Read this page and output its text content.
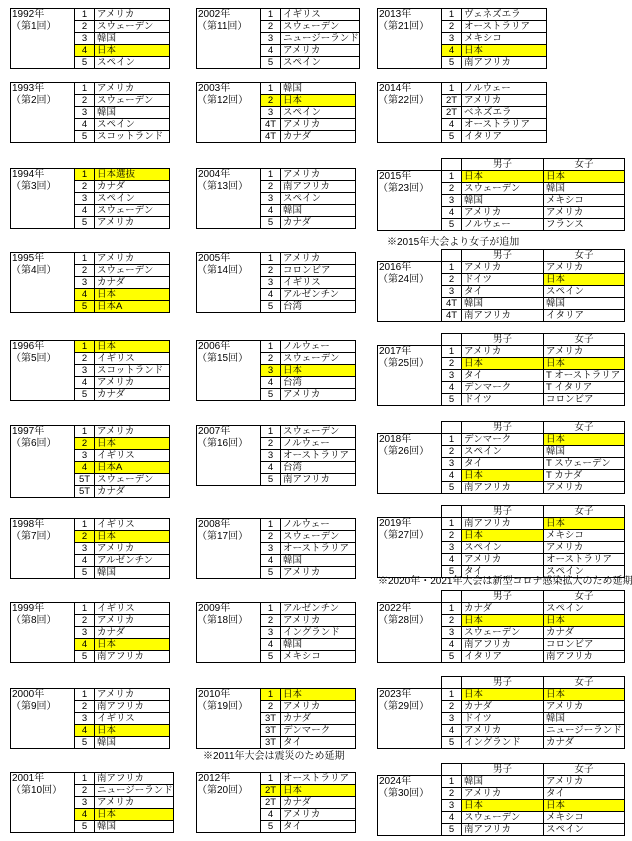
※2011年大会は震災のため延期
※2015年大会より女子が追加
※2020年・2021年大会は新型コロナ感染拡大のため延期
1992年
（第1回）	1	アメリカ
	2	スウェーデン
	3	韓国
	4	日本
	5	スペイン
1993年
（第2回）	1	アメリカ
	2	スウェーデン
	3	韓国
	4	スペイン
	5	スコットランド
1994年
（第3回）	1	日本選抜
	2	カナダ
	3	スペイン
	4	スウェーデン
	5	アメリカ
1995年
（第4回）	1	アメリカ
	2	スウェーデン
	3	カナダ
	4	日本
	5	日本A
1996年
（第5回）	1	日本
	2	イギリス
	3	スコットランド
	4	アメリカ
	5	カナダ
1997年
（第6回）	1	アメリカ
	2	日本
	3	イギリス
	4	日本A
	5T	スウェーデン
	5T	カナダ
1998年
（第7回）	1	イギリス
	2	日本
	3	アメリカ
	4	アルゼンチン
	5	韓国
1999年
（第8回）	1	イギリス
	2	アメリカ
	3	カナダ
	4	日本
	5	南アフリカ
2000年
（第9回）	1	アメリカ
	2	南アフリカ
	3	イギリス
	4	日本
	5	韓国
2001年
（第10回）	1	南アフリカ
	2	ニュージーランド
	3	アメリカ
	4	日本
	5	韓国
2002年
（第11回）	1	イギリス
	2	スウェーデン
	3	ニュージーランド
	4	アメリカ
	5	スペイン
2003年
（第12回）	1	韓国
	2	日本
	3	スペイン
	4T	アメリカ
	4T	カナダ
2004年
（第13回）	1	アメリカ
	2	南アフリカ
	3	スペイン
	4	韓国
	5	カナダ
2005年
（第14回）	1	アメリカ
	2	コロンビア
	3	イギリス
	4	アルゼンチン
	5	台湾
2006年
（第15回）	1	ノルウェー
	2	スウェーデン
	3	日本
	4	台湾
	5	アメリカ
2007年
（第16回）	1	スウェーデン
	2	ノルウェー
	3	オーストラリア
	4	台湾
	5	南アフリカ
2008年
（第17回）	1	ノルウェー
	2	スウェーデン
	3	オーストラリア
	4	韓国
	5	アメリカ
2009年
（第18回）	1	アルゼンチン
	2	アメリカ
	3	イングランド
	4	韓国
	5	メキシコ
2010年
（第19回）	1	日本
	2	アメリカ
	3T	カナダ
	3T	デンマーク
	3T	タイ
2012年
（第20回）	1	オーストラリア
	2T	日本
	2T	カナダ
	4	アメリカ
	5	タイ
2013年
（第21回）	1	ヴェネズエラ
	2	オーストラリア
	3	メキシコ
	4	日本
	5	南アフリカ
2014年
（第22回）	1	ノルウェー
	2T	アメリカ
	2T	ベネズエラ
	4	オーストラリア
	5	イタリア
		男子	女子

2015年
（第23回）	1	日本	日本
	2	スウェーデン	韓国
	3	韓国	メキシコ
	4	アメリカ	アメリカ
	5	ノルウェー	フランス
		男子	女子

2016年
（第24回）	1	アメリカ	アメリカ
	2	ドイツ	日本
	3	タイ	スペイン
	4T	韓国	韓国
	4T	南アフリカ	イタリア
		男子	女子

2017年
（第25回）	1	アメリカ	アメリカ
	2	日本	日本
	3	タイ	T オーストラリア
	4	デンマーク	T イタリア
	5	ドイツ	コロンビア
		男子	女子

2018年
（第26回）	1	デンマーク	日本
	2	スペイン	韓国
	3	タイ	T スウェーデン
	4	日本	T カナダ
	5	南アフリカ	アメリカ
		男子	女子

2019年
（第27回）	1	南アフリカ	日本
	2	日本	メキシコ
	3	スペイン	アメリカ
	4	アメリカ	オーストラリア
	5	タイ	スペイン
		男子	女子

2022年
（第28回）	1	カナダ	スペイン
	2	日本	日本
	3	スウェーデン	カナダ
	4	南アフリカ	コロンビア
	5	イタリア	南アフリカ
		男子	女子

2023年
（第29回）	1	日本	日本
	2	カナダ	アメリカ
	3	ドイツ	韓国
	4	アメリカ	ニュージーランド
	5	イングランド	カナダ
		男子	女子

2024年
（第30回）	1	韓国	アメリカ
	2	アメリカ	タイ
	3	日本	日本
	4	スウェーデン	メキシコ
	5	南アフリカ	スペイン
